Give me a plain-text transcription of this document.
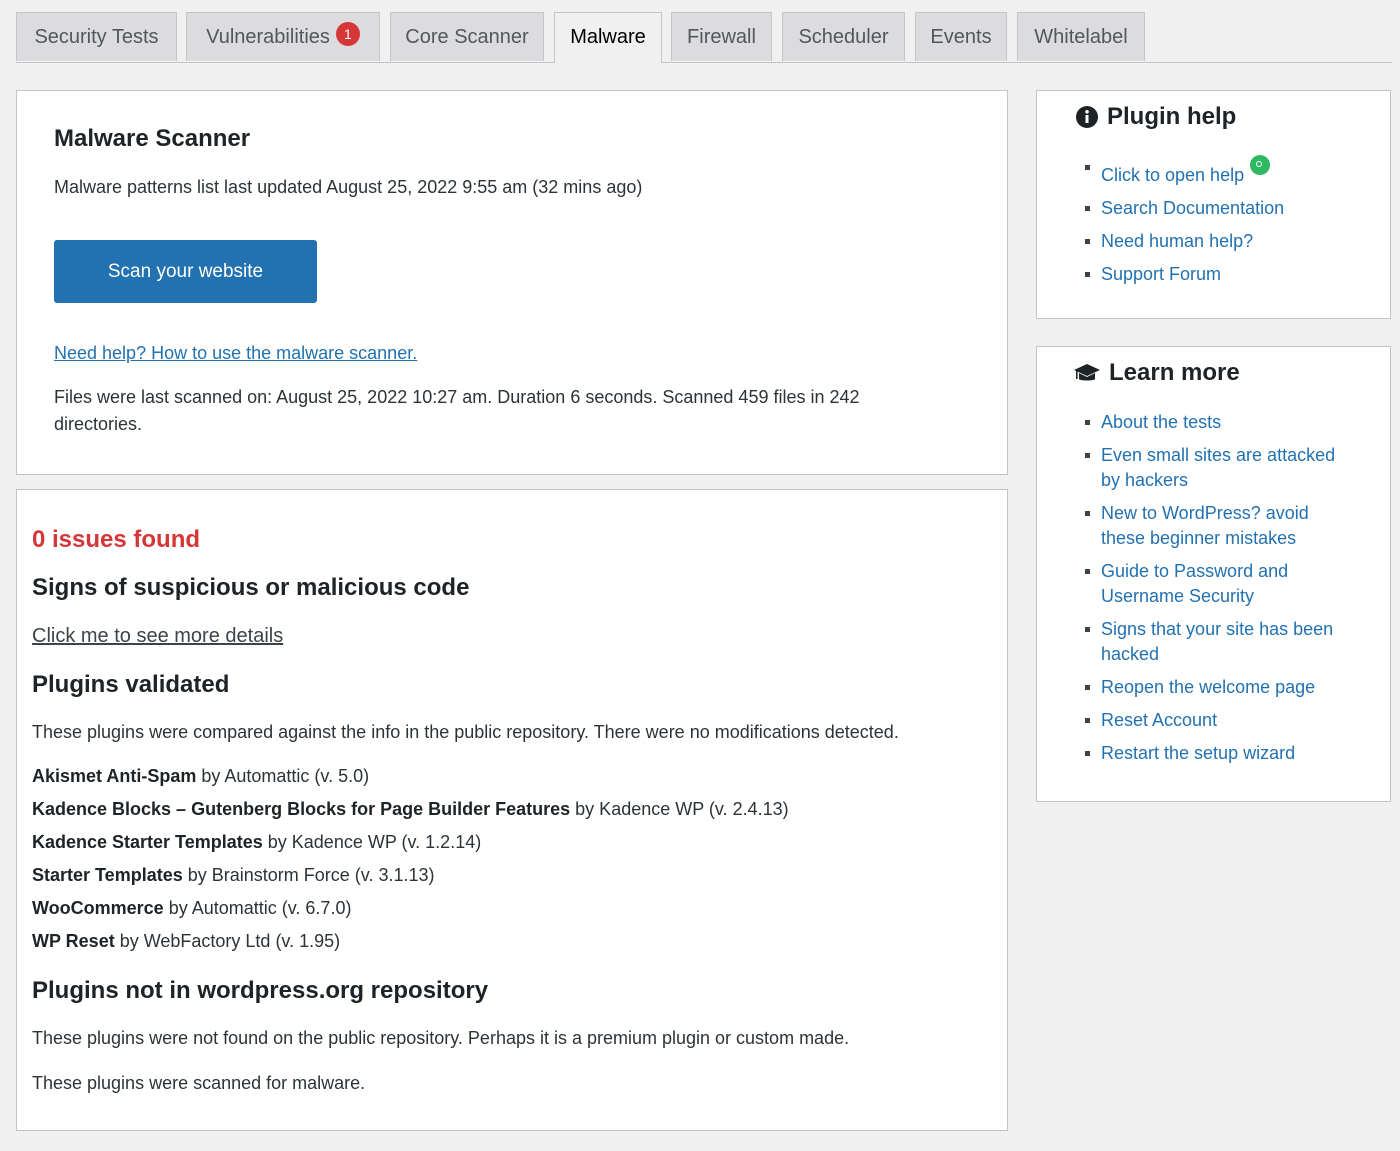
Security Tests	Vulnerabilities 1	Core Scanner	Malware	Firewall	Scheduler	Events	Whitelabel
Malware Scanner
Malware patterns list last updated August 25, 2022 9:55 am (32 mins ago)
Scan your website
Need help? How to use the malware scanner.
Files were last scanned on: August 25, 2022 10:27 am. Duration 6 seconds. Scanned 459 files in 242
directories.
0 issues found
Signs of suspicious or malicious code
Click me to see more details
Plugins validated
These plugins were compared against the info in the public repository. There were no modifications detected.
Akismet Anti-Spam by Automattic (v. 5.0)
Kadence Blocks – Gutenberg Blocks for Page Builder Features by Kadence WP (v. 2.4.13)
Kadence Starter Templates by Kadence WP (v. 1.2.14)
Starter Templates by Brainstorm Force (v. 3.1.13)
WooCommerce by Automattic (v. 6.7.0)
WP Reset by WebFactory Ltd (v. 1.95)
Plugins not in wordpress.org repository
These plugins were not found on the public repository. Perhaps it is a premium plugin or custom made.
These plugins were scanned for malware.
Plugin help
Click to open help
Search Documentation
Need human help?
Support Forum
Learn more
About the tests
Even small sites are attacked
by hackers
New to WordPress? avoid
these beginner mistakes
Guide to Password and
Username Security
Signs that your site has been
hacked
Reopen the welcome page
Reset Account
Restart the setup wizard
